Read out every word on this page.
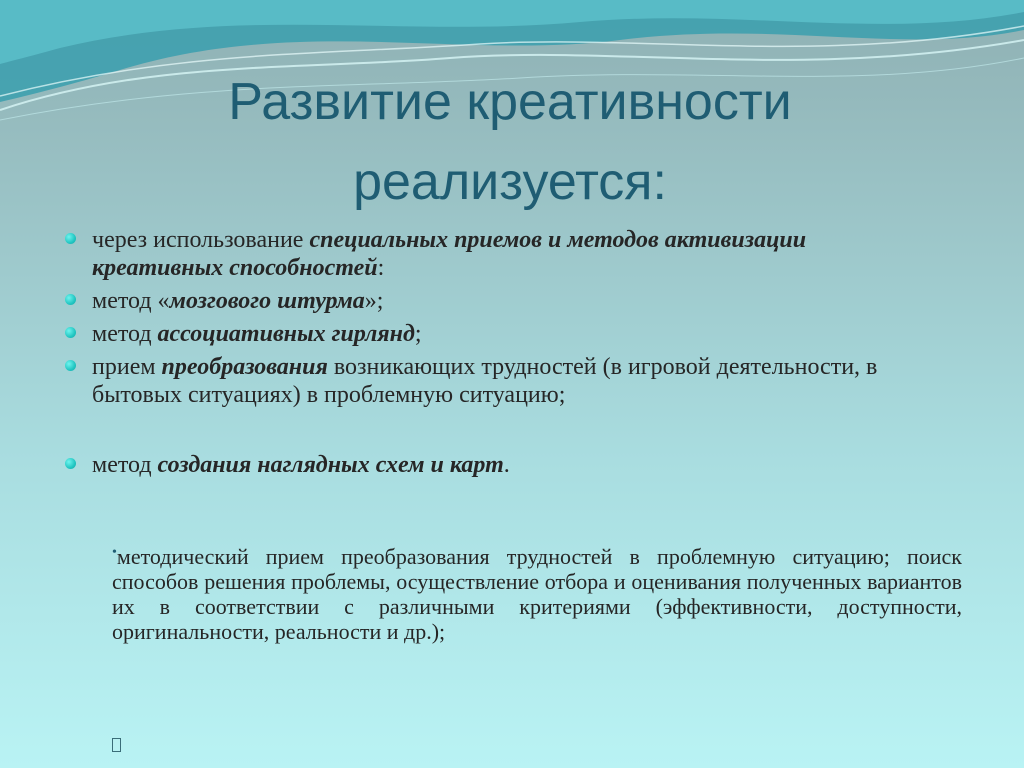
Развитие креативности
реализуется:
через использование специальных приемов и методов активизации креативных способностей:
метод «мозгового штурма»;
метод ассоциативных гирлянд;
прием преобразования возникающих трудностей (в игровой деятельности, в бытовых ситуациях) в проблемную ситуацию;
метод создания наглядных схем и карт.
•методический прием преобразования трудностей в проблемную ситуацию; поиск способов решения проблемы, осуществление отбора и оценивания полученных вариантов их в соответствии с различными критериями (эффективности, доступности, оригинальности, реальности и др.);
